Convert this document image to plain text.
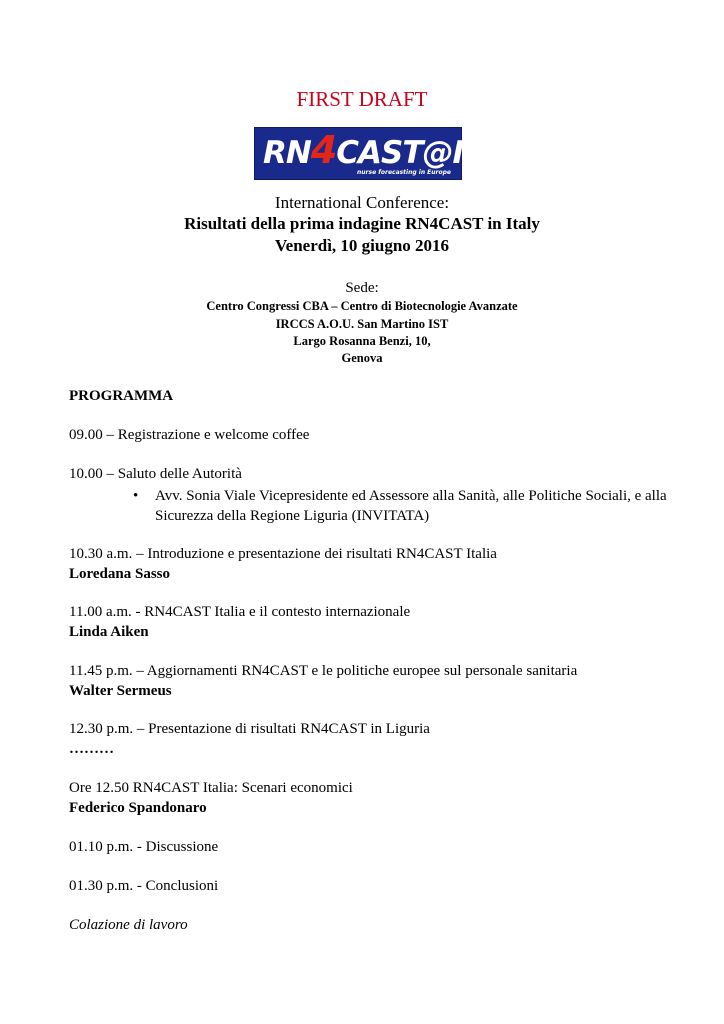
FIRST DRAFT
RN4CAST@IT
nurse forecasting in Europe
International Conference:
Risultati della prima indagine RN4CAST in Italy
Venerdì, 10 giugno 2016
Sede:
Centro Congressi CBA – Centro di Biotecnologie Avanzate
IRCCS A.O.U. San Martino IST
Largo Rosanna Benzi, 10,
Genova
PROGRAMMA
09.00 – Registrazione e welcome coffee
10.00 – Saluto delle Autorità
• Avv. Sonia Viale Vicepresidente ed Assessore alla Sanità, alle Politiche Sociali, e alla Sicurezza della Regione Liguria (INVITATA)
10.30 a.m. – Introduzione e presentazione dei risultati RN4CAST Italia
Loredana Sasso
11.00 a.m. - RN4CAST Italia e il contesto internazionale
Linda Aiken
11.45 p.m. – Aggiornamenti RN4CAST e le politiche europee sul personale sanitaria
Walter Sermeus
12.30 p.m. – Presentazione di risultati RN4CAST in Liguria
………
Ore 12.50 RN4CAST Italia: Scenari economici
Federico Spandonaro
01.10 p.m. - Discussione
01.30 p.m. - Conclusioni
Colazione di lavoro
